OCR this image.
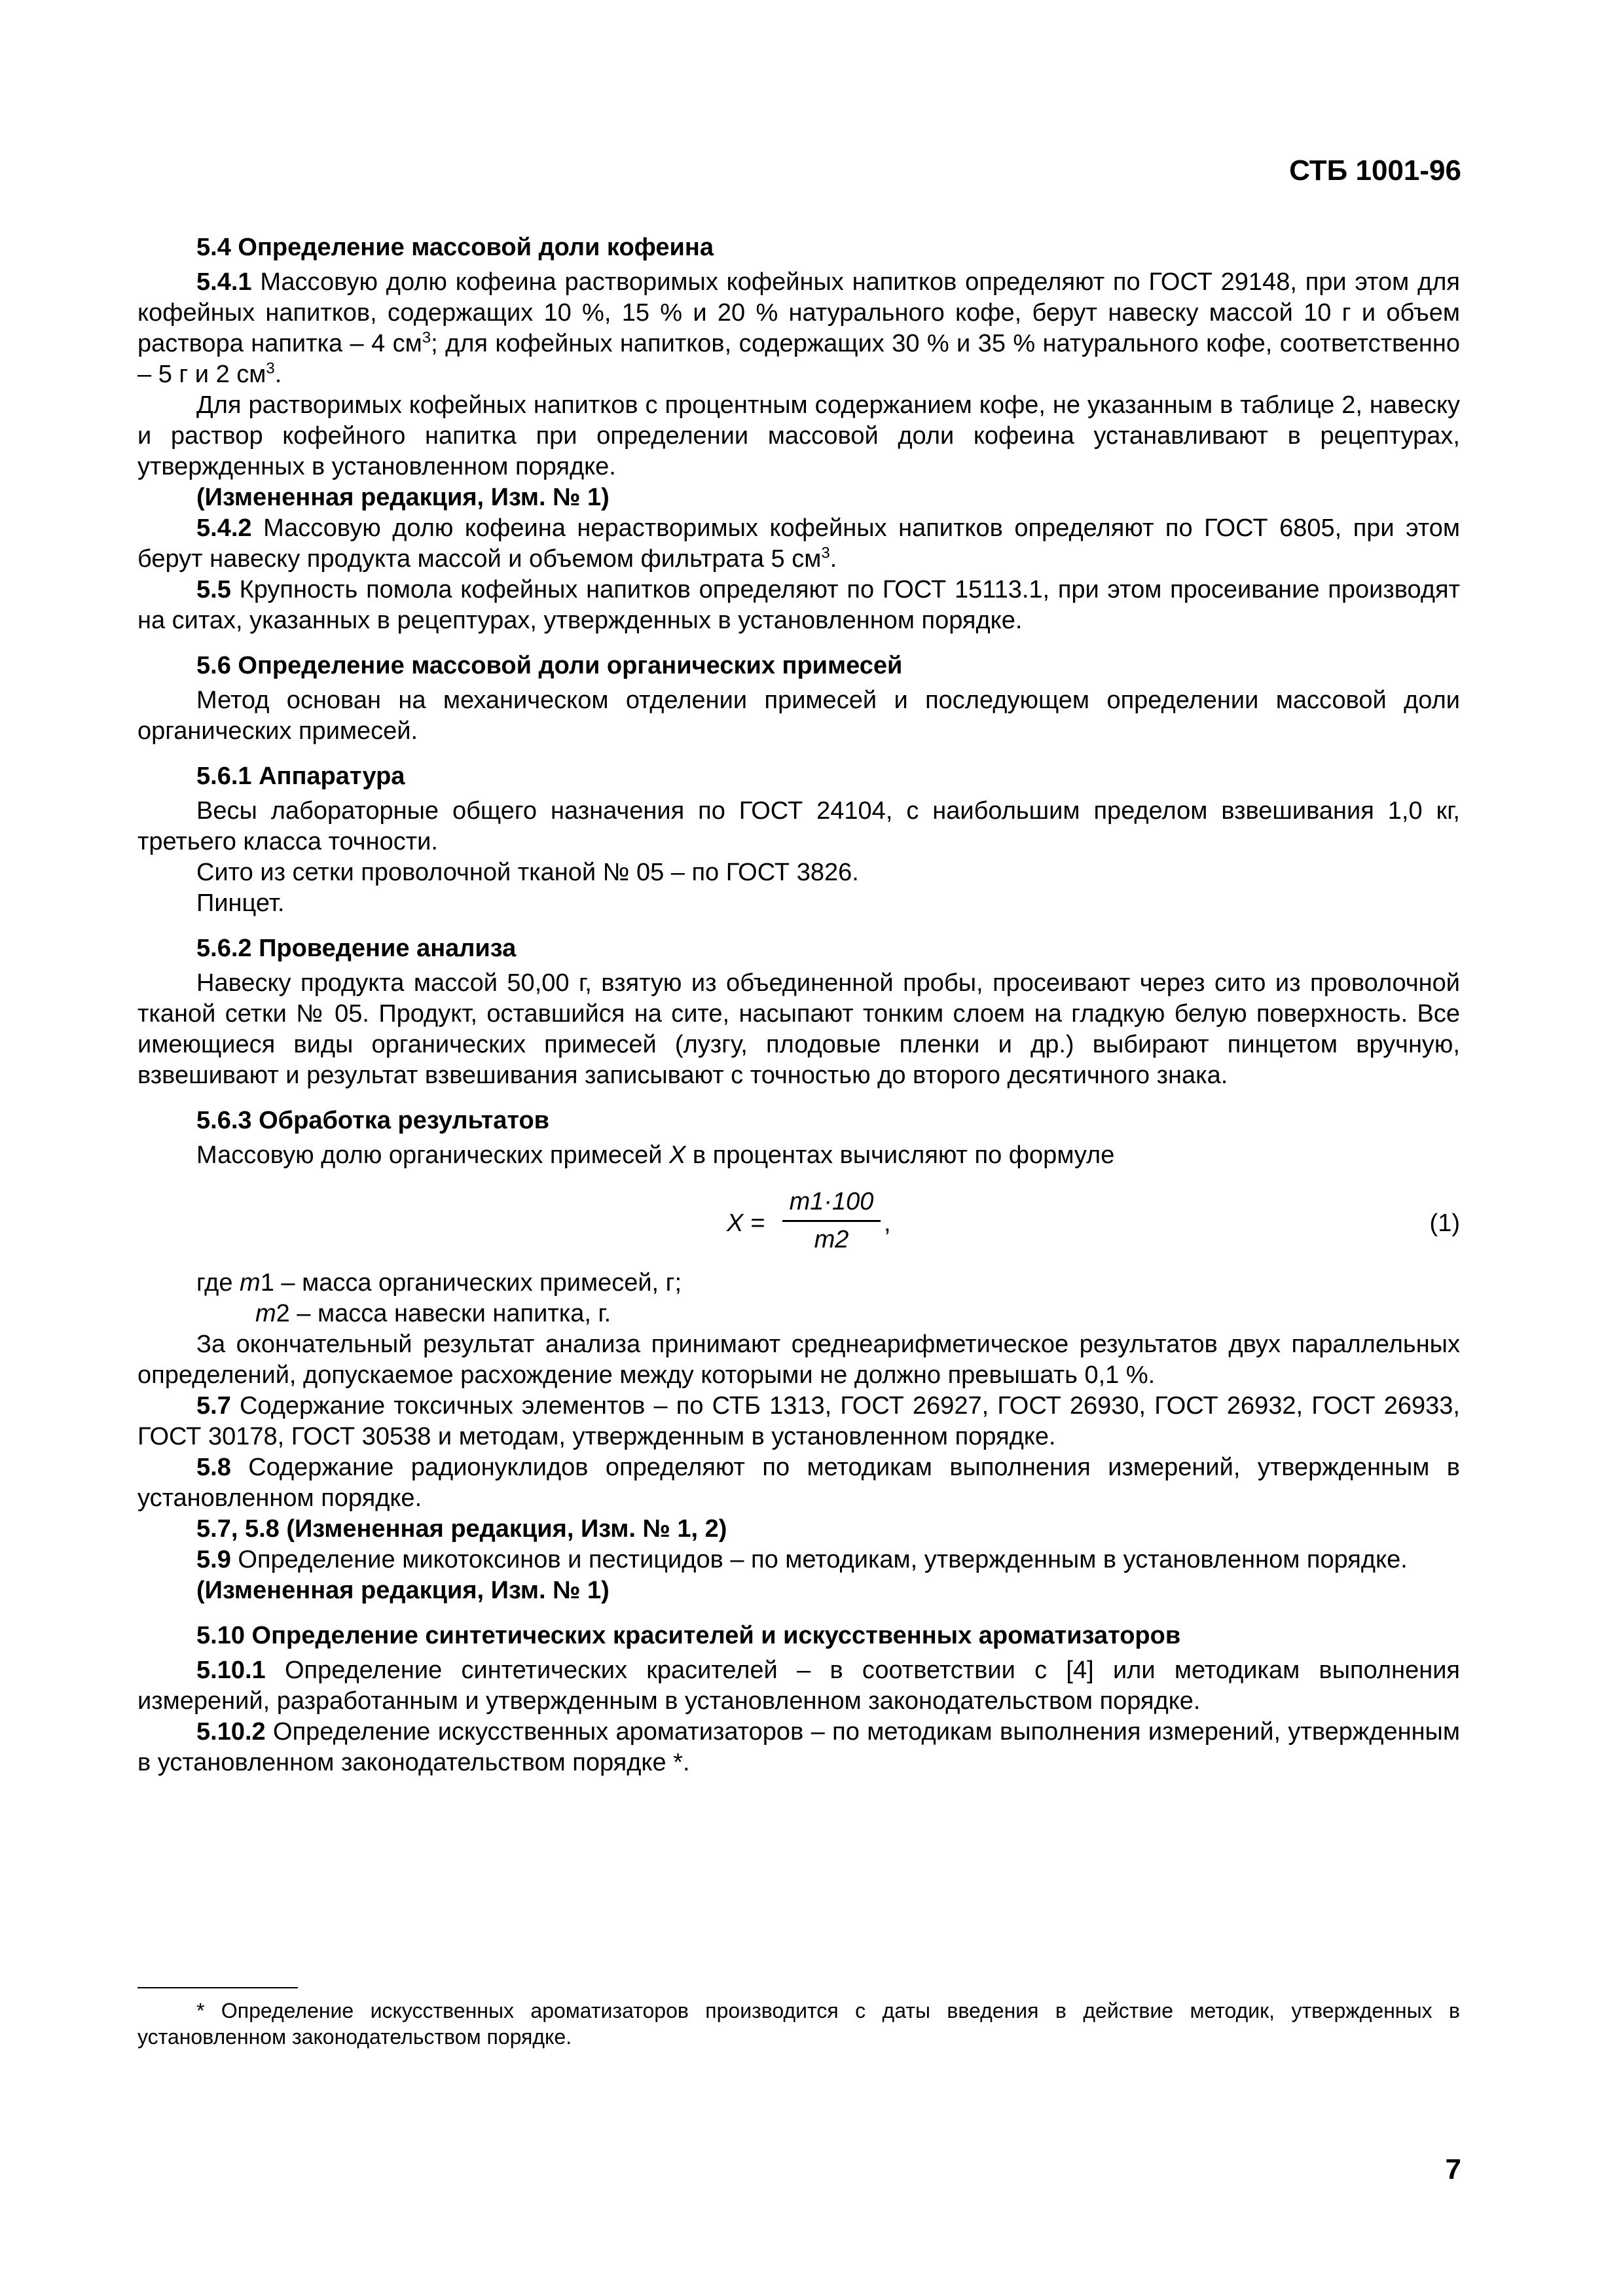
СТБ 1001-96

5.4 Определение массовой доли кофеина

5.4.1 Массовую долю кофеина растворимых кофейных напитков определяют по ГОСТ 29148, при этом для кофейных напитков, содержащих 10 %, 15 % и 20 % натурального кофе, берут навеску массой 10 г и объем раствора напитка – 4 $см^3$; для кофейных напитков, содержащих 30 % и 35 % натурального кофе, соответственно – 5 г и 2 $см^3$.

Для растворимых кофейных напитков с процентным содержанием кофе, не указанным в таблице 2, навеску и раствор кофейного напитка при определении массовой доли кофеина устанавливают в рецептурах, утвержденных в установленном порядке.

(Измененная редакция, Изм. № 1)

5.4.2 Массовую долю кофеина нерастворимых кофейных напитков определяют по ГОСТ 6805, при этом берут навеску продукта массой и объемом фильтрата 5 $см^3$.

5.5 Крупность помола кофейных напитков определяют по ГОСТ 15113.1, при этом просеивание производят на ситах, указанных в рецептурах, утвержденных в установленном порядке.

5.6 Определение массовой доли органических примесей

Метод основан на механическом отделении примесей и последующем определении массовой доли органических примесей.

5.6.1 Аппаратура

Весы лабораторные общего назначения по ГОСТ 24104, с наибольшим пределом взвешивания 1,0 кг, третьего класса точности.

Сито из сетки проволочной тканой № 05 – по ГОСТ 3826.

Пинцет.

5.6.2 Проведение анализа

Навеску продукта массой 50,00 г, взятую из объединенной пробы, просеивают через сито из проволочной тканой сетки № 05. Продукт, оставшийся на сите, насыпают тонким слоем на гладкую белую поверхность. Все имеющиеся виды органических примесей (лузгу, плодовые пленки и др.) выбирают пинцетом вручную, взвешивают и результат взвешивания записывают с точностью до второго десятичного знака.

5.6.3 Обработка результатов

Массовую долю органических примесей X в процентах вычисляют по формуле

$X = \frac{m1\cdot 100}{m2}$ ,	(1)

где m1 – масса органических примесей, г;

m2 – масса навески напитка, г.

За окончательный результат анализа принимают среднеарифметическое результатов двух параллельных определений, допускаемое расхождение между которыми не должно превышать 0,1 %.

5.7 Содержание токсичных элементов – по СТБ 1313, ГОСТ 26927, ГОСТ 26930, ГОСТ 26932, ГОСТ 26933, ГОСТ 30178, ГОСТ 30538 и методам, утвержденным в установленном порядке.

5.8 Содержание радионуклидов определяют по методикам выполнения измерений, утвержденным в установленном порядке.

5.7, 5.8 (Измененная редакция, Изм. № 1, 2)

5.9 Определение микотоксинов и пестицидов – по методикам, утвержденным в установленном порядке.

(Измененная редакция, Изм. № 1)

5.10 Определение синтетических красителей и искусственных ароматизаторов

5.10.1 Определение синтетических красителей – в соответствии с [4] или методикам выполнения измерений, разработанным и утвержденным в установленном законодательством порядке.

5.10.2 Определение искусственных ароматизаторов – по методикам выполнения измерений, утвержденным в установленном законодательством порядке *.

* Определение искусственных ароматизаторов производится с даты введения в действие методик, утвержденных в установленном законодательством порядке.

7
